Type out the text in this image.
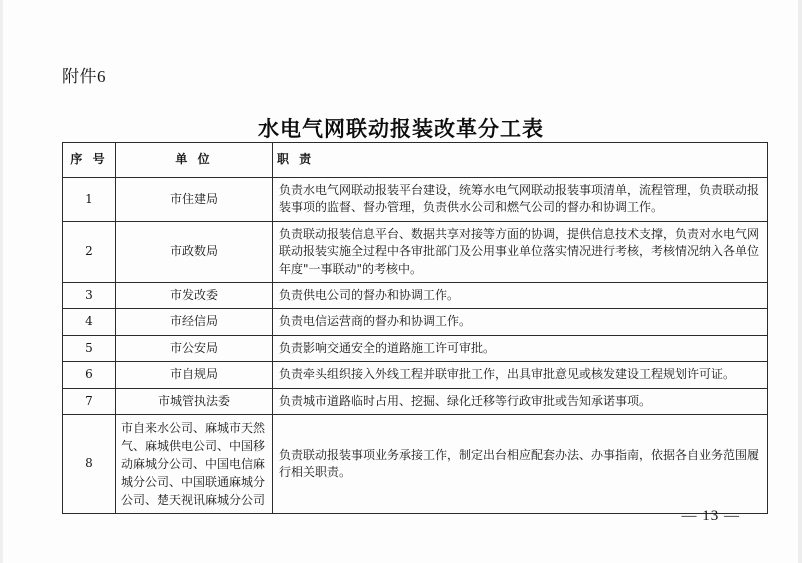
附件6
水电气网联动报装改革分工表
序 号	单 位	职 责
1	市住建局	负责水电气网联动报装平台建设，统筹水电气网联动报装事项清单，流程管理，负责联动报装事项的监督、督办管理，负责供水公司和燃气公司的督办和协调工作。
2	市政数局	负责联动报装信息平台、数据共享对接等方面的协调，提供信息技术支撑，负责对水电气网联动报装实施全过程中各审批部门及公用事业单位落实情况进行考核，考核情况纳入各单位年度"一事联动"的考核中。
3	市发改委	负责供电公司的督办和协调工作。
4	市经信局	负责电信运营商的督办和协调工作。
5	市公安局	负责影响交通安全的道路施工许可审批。
6	市自规局	负责牵头组织接入外线工程并联审批工作，出具审批意见或核发建设工程规划许可证。
7	市城管执法委	负责城市道路临时占用、挖掘、绿化迁移等行政审批或告知承诺事项。
8	市自来水公司、麻城市天然气、麻城供电公司、中国移动麻城分公司、中国电信麻城分公司、中国联通麻城分公司、楚天视讯麻城分公司	负责联动报装事项业务承接工作，制定出台相应配套办法、办事指南，依据各自业务范围履行相关职责。
— 13 —
